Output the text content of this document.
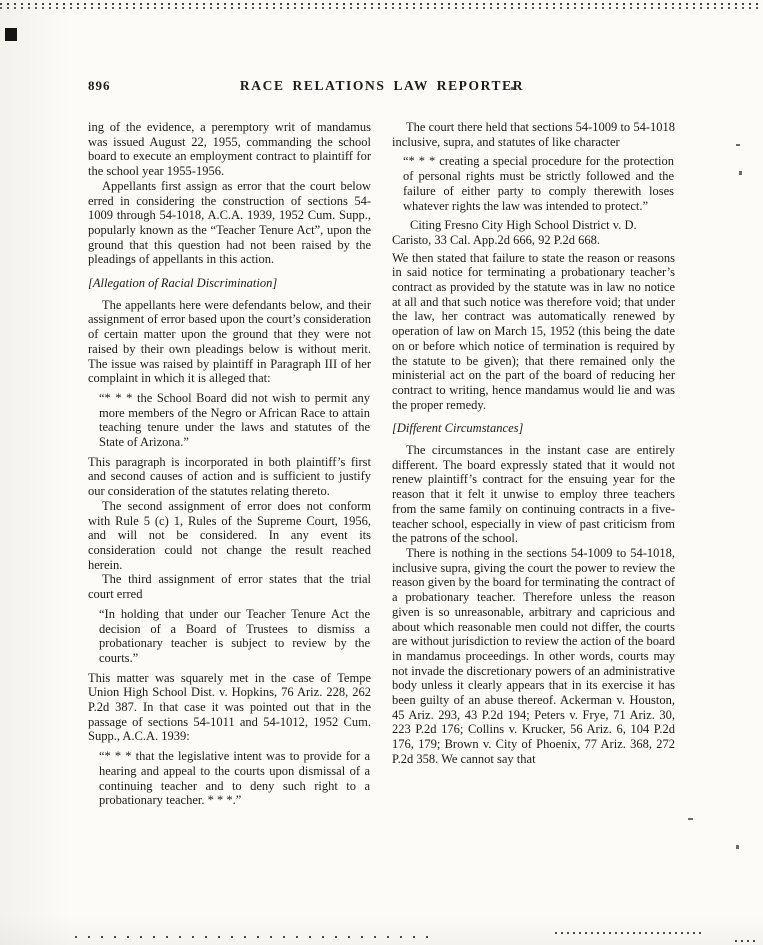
896	RACE RELATIONS LAW REPORTER
ing of the evidence, a peremptory writ of mandamus was issued August 22, 1955, commanding the school board to execute an employment contract to plaintiff for the school year 1955-1956.
Appellants first assign as error that the court below erred in considering the construction of sections 54-1009 through 54-1018, A.C.A. 1939, 1952 Cum. Supp., popularly known as the “Teacher Tenure Act”, upon the ground that this question had not been raised by the pleadings of appellants in this action.
[Allegation of Racial Discrimination]
The appellants here were defendants below, and their assignment of error based upon the court’s consideration of certain matter upon the ground that they were not raised by their own pleadings below is without merit. The issue was raised by plaintiff in Paragraph III of her complaint in which it is alleged that:
“* * * the School Board did not wish to permit any more members of the Negro or African Race to attain teaching tenure under the laws and statutes of the State of Arizona.”
This paragraph is incorporated in both plaintiff’s first and second causes of action and is sufficient to justify our consideration of the statutes relating thereto.
The second assignment of error does not conform with Rule 5 (c) 1, Rules of the Supreme Court, 1956, and will not be considered. In any event its consideration could not change the result reached herein.
The third assignment of error states that the trial court erred
“In holding that under our Teacher Tenure Act the decision of a Board of Trustees to dismiss a probationary teacher is subject to review by the courts.”
This matter was squarely met in the case of Tempe Union High School Dist. v. Hopkins, 76 Ariz. 228, 262 P.2d 387. In that case it was pointed out that in the passage of sections 54-1011 and 54-1012, 1952 Cum. Supp., A.C.A. 1939:
“* * * that the legislative intent was to provide for a hearing and appeal to the courts upon dismissal of a continuing teacher and to deny such right to a probationary teacher. * * *.”
The court there held that sections 54-1009 to 54-1018 inclusive, supra, and statutes of like character
“* * * creating a special procedure for the protection of personal rights must be strictly followed and the failure of either party to comply therewith loses whatever rights the law was intended to protect.”
Citing Fresno City High School District v. D. Caristo, 33 Cal. App.2d 666, 92 P.2d 668.
We then stated that failure to state the reason or reasons in said notice for terminating a probationary teacher’s contract as provided by the statute was in law no notice at all and that such notice was therefore void; that under the law, her contract was automatically renewed by operation of law on March 15, 1952 (this being the date on or before which notice of termination is required by the statute to be given); that there remained only the ministerial act on the part of the board of reducing her contract to writing, hence mandamus would lie and was the proper remedy.
[Different Circumstances]
The circumstances in the instant case are entirely different. The board expressly stated that it would not renew plaintiff’s contract for the ensuing year for the reason that it felt it unwise to employ three teachers from the same family on continuing contracts in a five-teacher school, especially in view of past criticism from the patrons of the school.
There is nothing in the sections 54-1009 to 54-1018, inclusive supra, giving the court the power to review the reason given by the board for terminating the contract of a probationary teacher. Therefore unless the reason given is so unreasonable, arbitrary and capricious and about which reasonable men could not differ, the courts are without jurisdiction to review the action of the board in mandamus proceedings. In other words, courts may not invade the discretionary powers of an administrative body unless it clearly appears that in its exercise it has been guilty of an abuse thereof. Ackerman v. Houston, 45 Ariz. 293, 43 P.2d 194; Peters v. Frye, 71 Ariz. 30, 223 P.2d 176; Collins v. Krucker, 56 Ariz. 6, 104 P.2d 176, 179; Brown v. City of Phoenix, 77 Ariz. 368, 272 P.2d 358. We cannot say that
